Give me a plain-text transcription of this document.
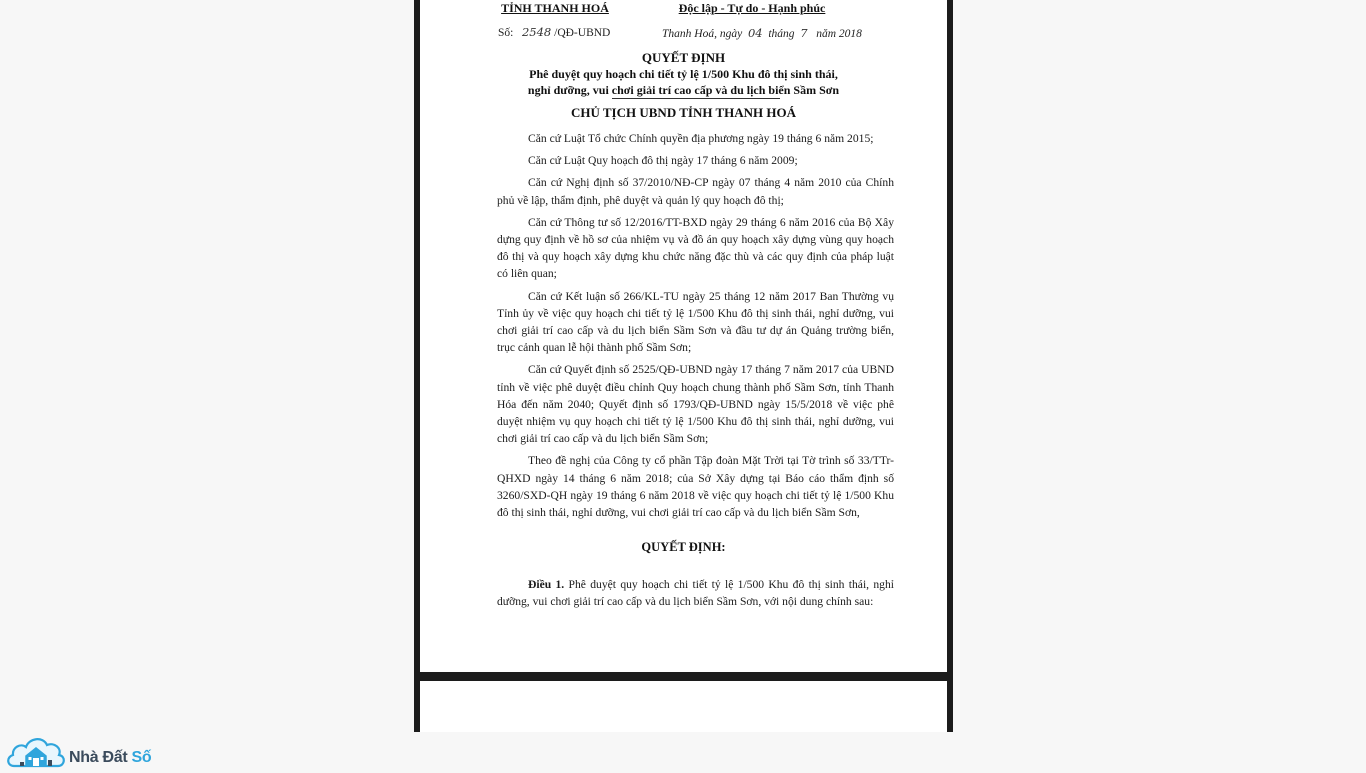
TỈNH THANH HOÁ	Độc lập - Tự do - Hạnh phúc
Số: 2548 /QĐ-UBND	Thanh Hoá, ngày 04 tháng 7 năm 2018
QUYẾT ĐỊNH
Phê duyệt quy hoạch chi tiết tỷ lệ 1/500 Khu đô thị sinh thái,
nghỉ dưỡng, vui chơi giải trí cao cấp và du lịch biển Sầm Sơn
CHỦ TỊCH UBND TỈNH THANH HOÁ

Căn cứ Luật Tổ chức Chính quyền địa phương ngày 19 tháng 6 năm 2015;

Căn cứ Luật Quy hoạch đô thị ngày 17 tháng 6 năm 2009;

Căn cứ Nghị định số 37/2010/NĐ-CP ngày 07 tháng 4 năm 2010 của Chính phủ về lập, thẩm định, phê duyệt và quản lý quy hoạch đô thị;

Căn cứ Thông tư số 12/2016/TT-BXD ngày 29 tháng 6 năm 2016 của Bộ Xây dựng quy định về hồ sơ của nhiệm vụ và đồ án quy hoạch xây dựng vùng quy hoạch đô thị và quy hoạch xây dựng khu chức năng đặc thù và các quy định của pháp luật có liên quan;

Căn cứ Kết luận số 266/KL-TU ngày 25 tháng 12 năm 2017 Ban Thường vụ Tỉnh ủy về việc quy hoạch chi tiết tỷ lệ 1/500 Khu đô thị sinh thái, nghỉ dưỡng, vui chơi giải trí cao cấp và du lịch biển Sầm Sơn và đầu tư dự án Quảng trường biển, trục cảnh quan lễ hội thành phố Sầm Sơn;

Căn cứ Quyết định số 2525/QĐ-UBND ngày 17 tháng 7 năm 2017 của UBND tỉnh về việc phê duyệt điều chỉnh Quy hoạch chung thành phố Sầm Sơn, tỉnh Thanh Hóa đến năm 2040; Quyết định số 1793/QĐ-UBND ngày 15/5/2018 về việc phê duyệt nhiệm vụ quy hoạch chi tiết tỷ lệ 1/500 Khu đô thị sinh thái, nghỉ dưỡng, vui chơi giải trí cao cấp và du lịch biển Sầm Sơn;

Theo đề nghị của Công ty cổ phần Tập đoàn Mặt Trời tại Tờ trình số 33/TTr-QHXD ngày 14 tháng 6 năm 2018; của Sở Xây dựng tại Báo cáo thẩm định số 3260/SXD-QH ngày 19 tháng 6 năm 2018 về việc quy hoạch chi tiết tỷ lệ 1/500 Khu đô thị sinh thái, nghỉ dưỡng, vui chơi giải trí cao cấp và du lịch biển Sầm Sơn,

QUYẾT ĐỊNH:
Điều 1. Phê duyệt quy hoạch chi tiết tỷ lệ 1/500 Khu đô thị sinh thái, nghỉ dưỡng, vui chơi giải trí cao cấp và du lịch biển Sầm Sơn, với nội dung chính sau:
Nhà Đất Số
